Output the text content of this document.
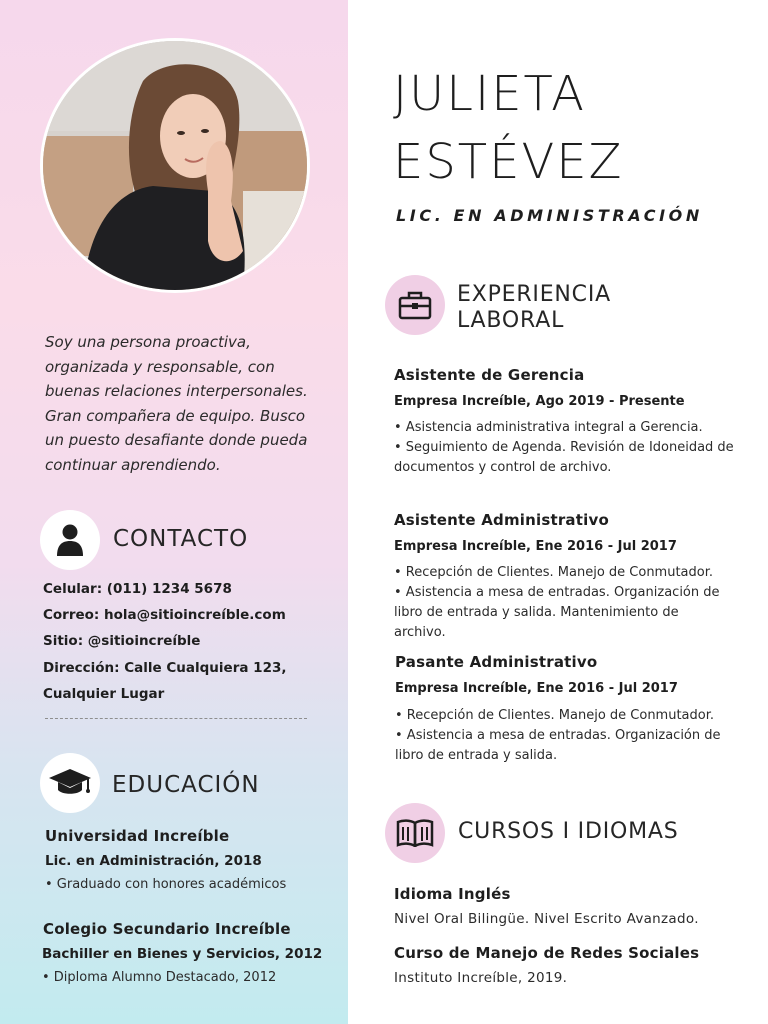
Soy una persona proactiva, organizada y responsable, con buenas relaciones interpersonales. Gran compañera de equipo. Busco un puesto desafiante donde pueda continuar aprendiendo.

CONTACTO
Celular: (011) 1234 5678
Correo: hola@sitioincreíble.com
Sitio: @sitioincreíble
Dirección: Calle Cualquiera 123,
Cualquier Lugar
EDUCACIÓN
Universidad Increíble
Lic. en Administración, 2018
• Graduado con honores académicos
Colegio Secundario Increíble
Bachiller en Bienes y Servicios, 2012
• Diploma Alumno Destacado, 2012
JULIETA
ESTÉVEZ
LIC. EN ADMINISTRACIÓN
EXPERIENCIA
LABORAL
Asistente de Gerencia
Empresa Increíble, Ago 2019 - Presente
• Asistencia administrativa integral a Gerencia.
• Seguimiento de Agenda. Revisión de Idoneidad de documentos y control de archivo.
Asistente Administrativo
Empresa Increíble, Ene 2016 - Jul 2017
• Recepción de Clientes. Manejo de Conmutador.
• Asistencia a mesa de entradas. Organización de libro de entrada y salida. Mantenimiento de archivo.
Pasante Administrativo
Empresa Increíble, Ene 2016 - Jul 2017
• Recepción de Clientes. Manejo de Conmutador.
• Asistencia a mesa de entradas. Organización de libro de entrada y salida.
CURSOS I IDIOMAS
Idioma Inglés
Nivel Oral Bilingüe. Nivel Escrito Avanzado.
Curso de Manejo de Redes Sociales
Instituto Increíble, 2019.
